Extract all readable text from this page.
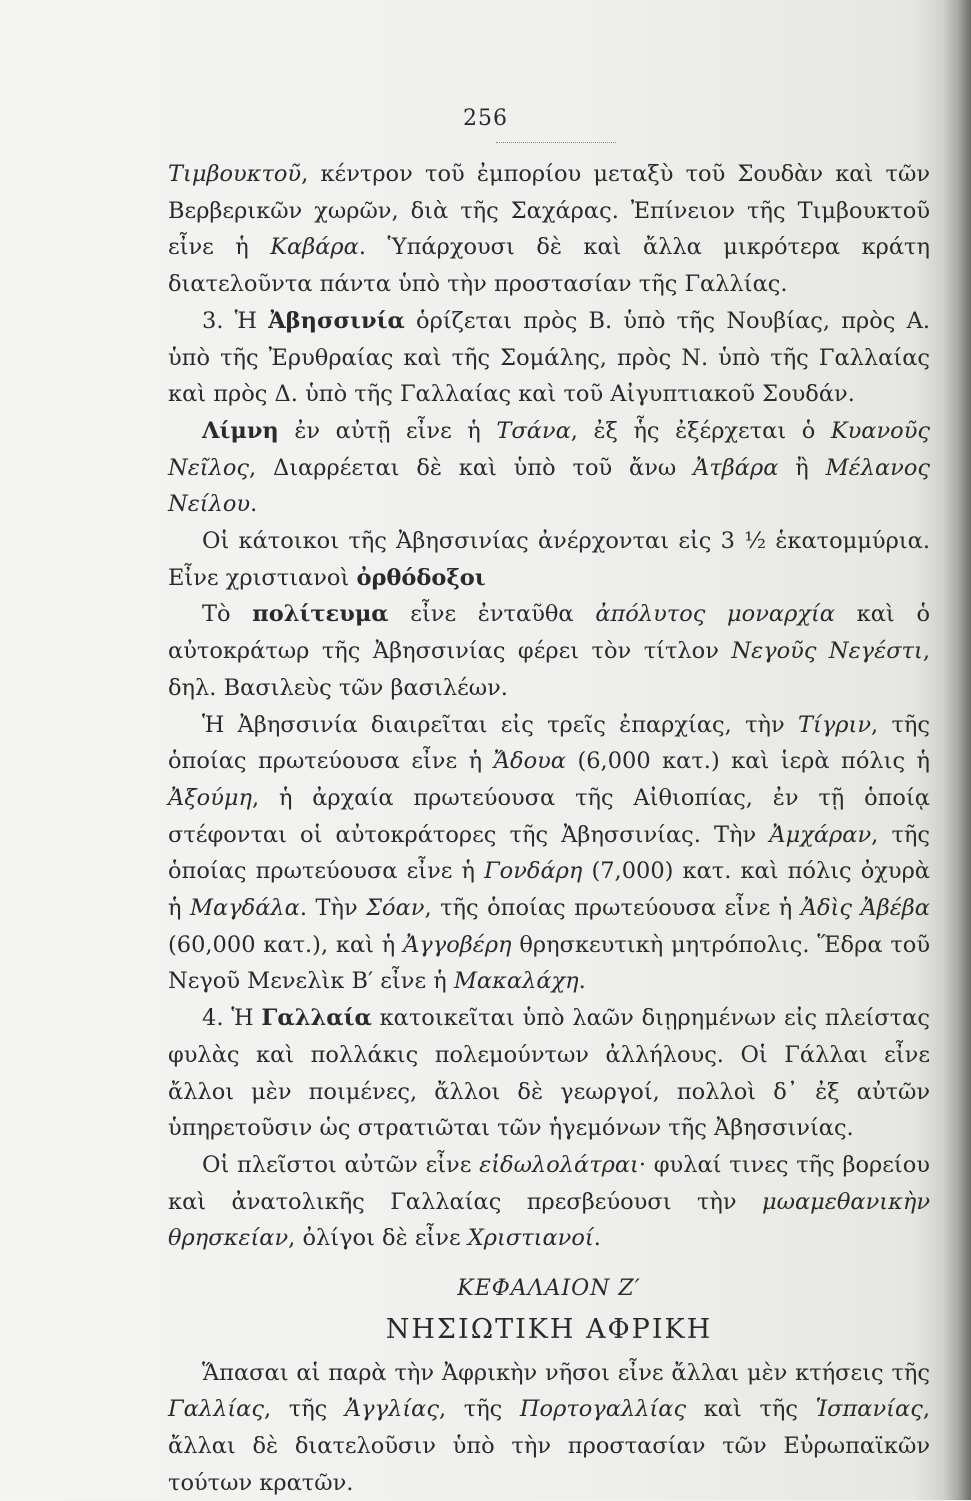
256

Τιμβουκτοῦ, κέντρον τοῦ ἐμπορίου μεταξὺ τοῦ Σουδὰν καὶ τῶν Βερβερικῶν χωρῶν, διὰ τῆς Σαχάρας. Ἐπίνειον τῆς Τιμβουκτοῦ εἶνε ἡ Καβάρα. Ὑπάρχουσι δὲ καὶ ἄλλα μικρότερα κράτη διατελοῦντα πάντα ὑπὸ τὴν προστασίαν τῆς Γαλλίας.

3. Ἡ Ἀβησσινία ὁρίζεται πρὸς Β. ὑπὸ τῆς Νουβίας, πρὸς Α. ὑπὸ τῆς Ἐρυθραίας καὶ τῆς Σομάλης, πρὸς Ν. ὑπὸ τῆς Γαλλαίας καὶ πρὸς Δ. ὑπὸ τῆς Γαλλαίας καὶ τοῦ Αἰγυπτιακοῦ Σουδάν.

Λίμνη ἐν αὐτῇ εἶνε ἡ Τσάνα, ἐξ ἧς ἐξέρχεται ὁ Κυανοῦς Νεῖλος, Διαρρέεται δὲ καὶ ὑπὸ τοῦ ἄνω Ἀτβάρα ἢ Μέλανος Νείλου.

Οἱ κάτοικοι τῆς Ἀβησσινίας ἀνέρχονται εἰς 3 ½ ἑκατομμύρια. Εἶνε χριστιανοὶ ὀρθόδοξοι

Τὸ πολίτευμα εἶνε ἐνταῦθα ἀπόλυτος μοναρχία καὶ ὁ αὐτοκράτωρ τῆς Ἀβησσινίας φέρει τὸν τίτλον Νεγοῦς Νεγέστι, δηλ. Βασιλεὺς τῶν βασιλέων.

Ἡ Ἀβησσινία διαιρεῖται εἰς τρεῖς ἐπαρχίας, τὴν Τίγριν, τῆς ὁποίας πρωτεύουσα εἶνε ἡ Ἄδουα (6,000 κατ.) καὶ ἱερὰ πόλις ἡ Ἀξούμη, ἡ ἀρχαία πρωτεύουσα τῆς Αἰθιοπίας, ἐν τῇ ὁποίᾳ στέφονται οἱ αὐτοκράτορες τῆς Ἀβησσινίας. Τὴν Ἀμχάραν, τῆς ὁποίας πρωτεύουσα εἶνε ἡ Γονδάρη (7,000) κατ. καὶ πόλις ὀχυρὰ ἡ Μαγδάλα. Τὴν Σόαν, τῆς ὁποίας πρωτεύουσα εἶνε ἡ Ἀδὶς Ἀβέβα (60,000 κατ.), καὶ ἡ Ἀγγοβέρη θρησκευτικὴ μητρόπολις. Ἕδρα τοῦ Νεγοῦ Μενελὶκ Β′ εἶνε ἡ Μακαλάχη.

4. Ἡ Γαλλαία κατοικεῖται ὑπὸ λαῶν διῃρημένων εἰς πλείστας φυλὰς καὶ πολλάκις πολεμούντων ἀλλήλους. Οἱ Γάλλαι εἶνε ἄλλοι μὲν ποιμένες, ἄλλοι δὲ γεωργοί, πολλοὶ δ᾽ ἐξ αὐτῶν ὑπηρετοῦσιν ὡς στρατιῶται τῶν ἡγεμόνων τῆς Ἀβησσινίας.

Οἱ πλεῖστοι αὐτῶν εἶνε εἰδωλολάτραι· φυλαί τινες τῆς βορείου καὶ ἀνατολικῆς Γαλλαίας πρεσβεύουσι τὴν μωαμεθανικὴν θρησκείαν, ὀλίγοι δὲ εἶνε Χριστιανοί.

ΚΕΦΑΛΑΙΟΝ Ζ′

ΝΗΣΙΩΤΙΚΗ ΑΦΡΙΚΗ

Ἅπασαι αἱ παρὰ τὴν Ἀφρικὴν νῆσοι εἶνε ἄλλαι μὲν κτήσεις τῆς Γαλλίας, τῆς Ἀγγλίας, τῆς Πορτογαλλίας καὶ τῆς Ἱσπανίας, ἄλλαι δὲ διατελοῦσιν ὑπὸ τὴν προστασίαν τῶν Εὐρωπαϊκῶν τούτων κρατῶν.
